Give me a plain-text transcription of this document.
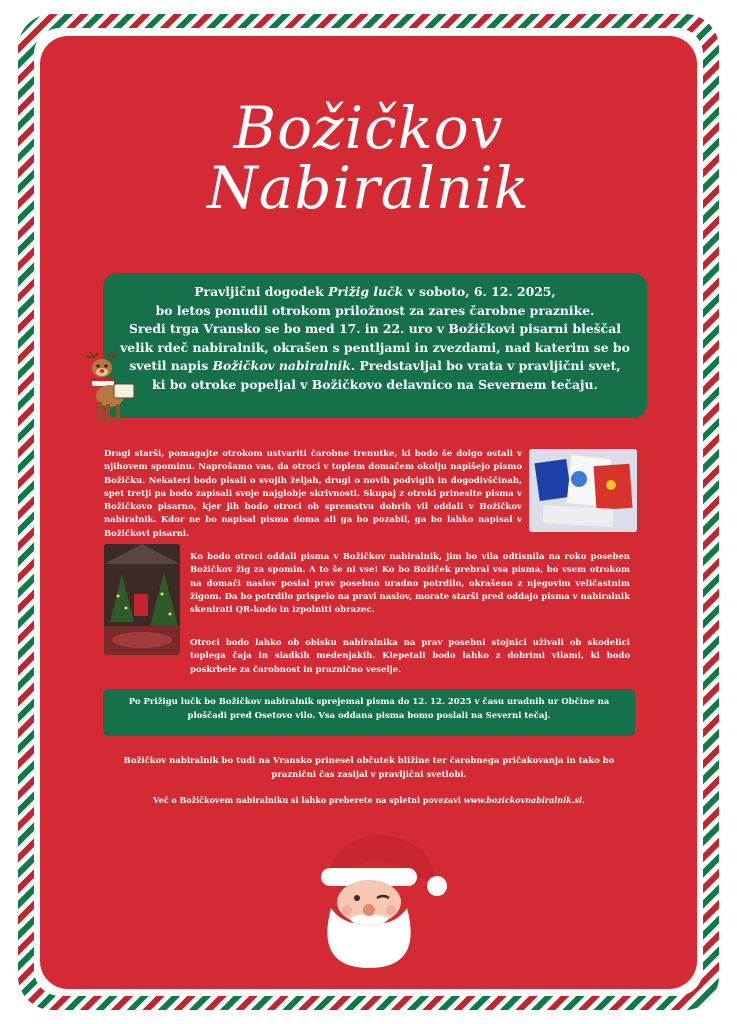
Božičkov
Nabiralnik
Pravljični dogodek Prižig lučk v soboto, 6. 12. 2025,
bo letos ponudil otrokom priložnost za zares čarobne praznike.
Sredi trga Vransko se bo med 17. in 22. uro v Božičkovi pisarni bleščal
velik rdeč nabiralnik, okrašen s pentljami in zvezdami, nad katerim se bo
svetil napis Božičkov nabiralnik. Predstavljal bo vrata v pravljični svet,
ki bo otroke popeljal v Božičkovo delavnico na Severnem tečaju.
Dragi starši, pomagajte otrokom ustvariti čarobne trenutke, ki bodo še dolgo ostali v njihovem spominu. Naprošamo vas, da otroci v toplem domačem okolju napišejo pismo Božičku. Nekateri bodo pisali o svojih željah, drugi o novih podvigih in dogodivščinah, spet tretji pa bodo zapisali svoje najglobje skrivnosti. Skupaj z otroki prinesite pisma v Božičkovo pisarno, kjer jih bodo otroci ob spremstvu dobrih vil oddali v Božičkov nabiralnik. Kdor ne bo napisal pisma doma ali ga bo pozabil, ga bo lahko napisal v Božičkovi pisarni.
Ko bodo otroci oddali pisma v Božičkov nabiralnik, jim bo vila odtisnila na roko poseben Božičkov žig za spomin. A to še ni vse! Ko bo Božiček prebral vsa pisma, bo vsem otrokom na domači naslov poslal prav posebno uradno potrdilo, okrašeno z njegovim veličastnim žigom. Da bo potrdilo prispelo na pravi naslov, morate starši pred oddajo pisma v nabiralnik skenirati QR-kodo in izpolniti obrazec.
Otroci bodo lahko ob obisku nabiralnika na prav posebni stojnici uživali ob skodelici toplega čaja in sladkih medenjakih. Klepetali bodo lahko z dobrimi vilami, ki bodo poskrbele za čarobnost in praznično veselje.
Po Prižigu lučk bo Božičkov nabiralnik sprejemal pisma do 12. 12. 2025 v času uradnih ur Občine na ploščadi pred Osetovo vilo. Vsa oddana pisma bomo poslali na Severni tečaj.
Božičkov nabiralnik bo tudi na Vransko prinesel občutek bližine ter čarobnega pričakovanja in tako bo praznični čas zasijal v pravljični svetlobi.
Več o Božičkovem nabiralniku si lahko preberete na spletni povezavi www.bozickovnabiralnik.si.
